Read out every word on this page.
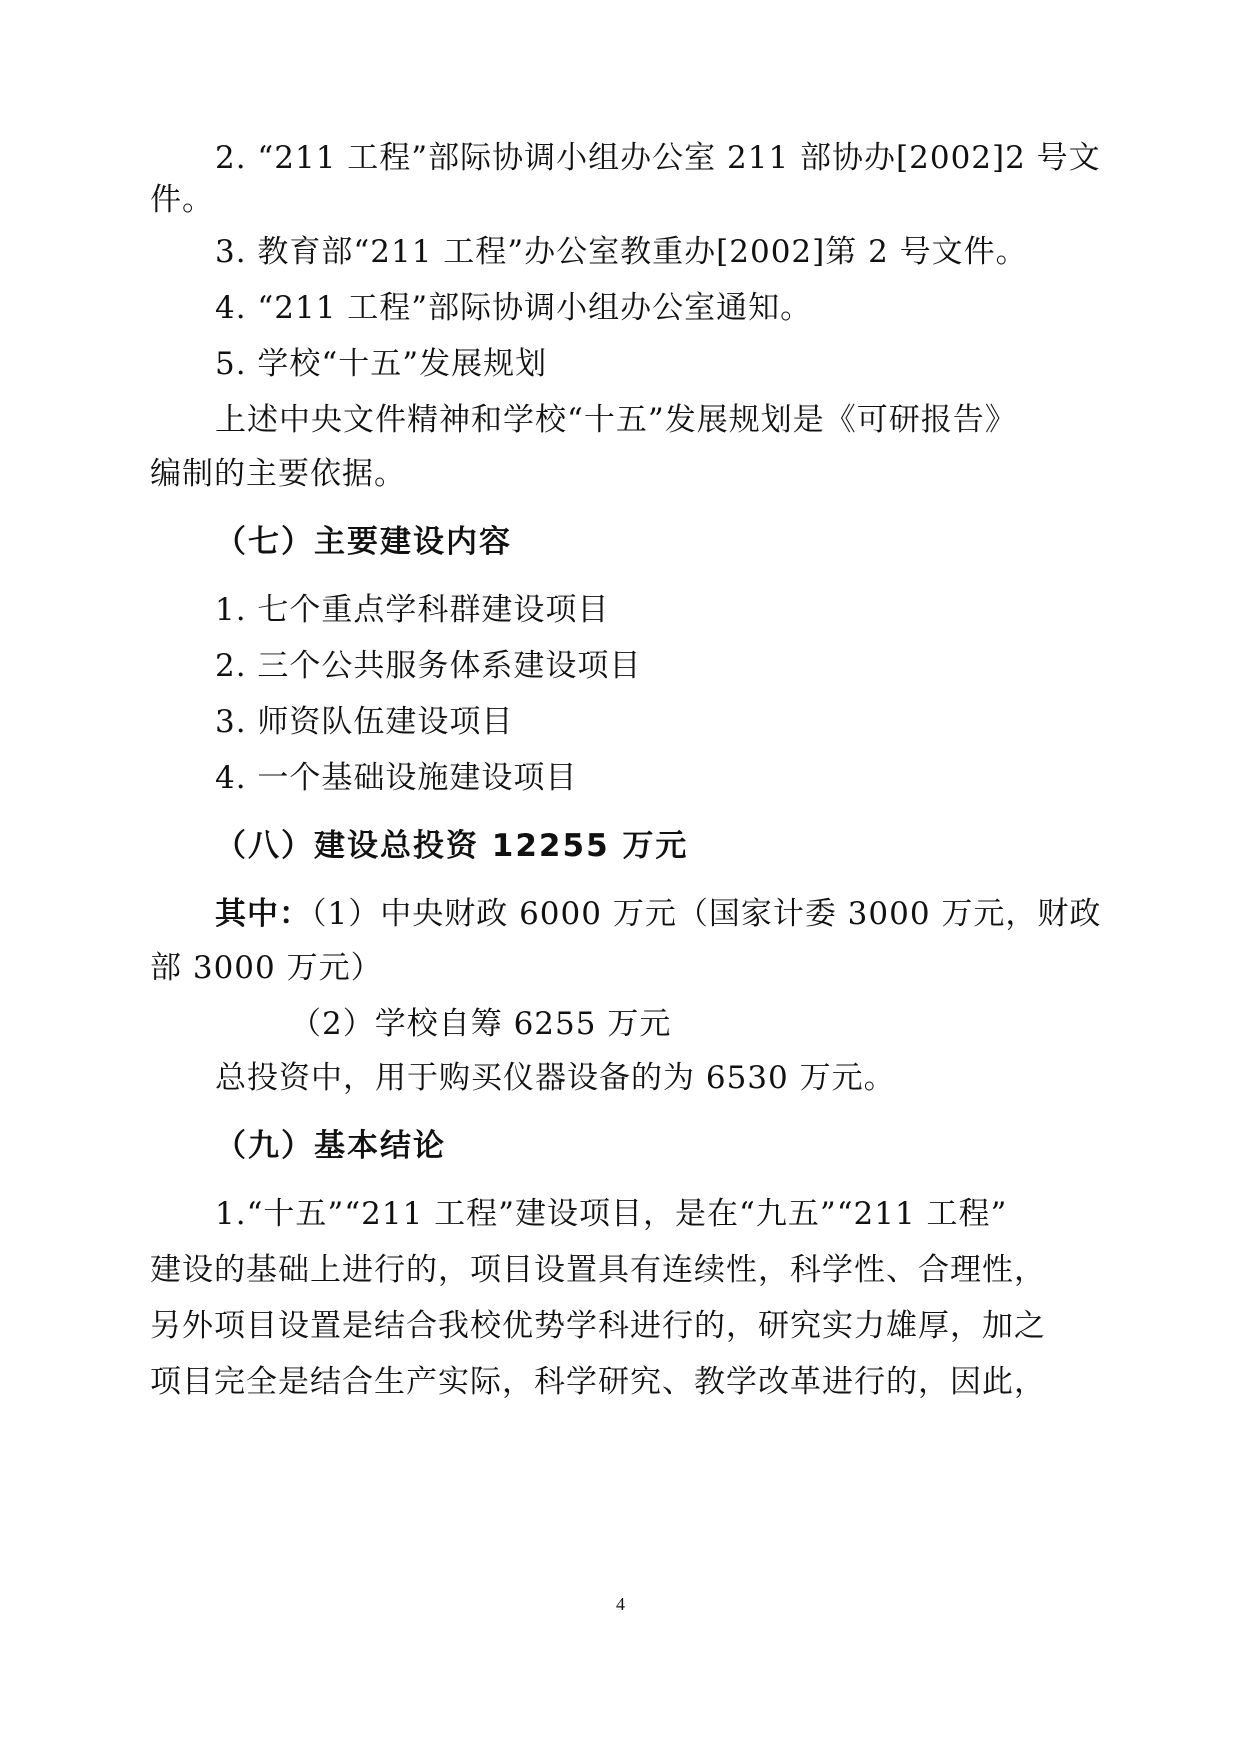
2. “211 工程”部际协调小组办公室 211 部协办[2002]2 号文
件。
3. 教育部“211 工程”办公室教重办[2002]第 2 号文件。
4. “211 工程”部际协调小组办公室通知。
5. 学校“十五”发展规划
上述中央文件精神和学校“十五”发展规划是《可研报告》
编制的主要依据。
（七）主要建设内容
1. 七个重点学科群建设项目
2. 三个公共服务体系建设项目
3. 师资队伍建设项目
4. 一个基础设施建设项目
（八）建设总投资 12255 万元
其中：（1）中央财政 6000 万元（国家计委 3000 万元，财政
部 3000 万元）
（2）学校自筹 6255 万元
总投资中，用于购买仪器设备的为 6530 万元。
（九）基本结论
1.“十五”“211 工程”建设项目，是在“九五”“211 工程”
建设的基础上进行的，项目设置具有连续性，科学性、合理性，
另外项目设置是结合我校优势学科进行的，研究实力雄厚，加之
项目完全是结合生产实际，科学研究、教学改革进行的，因此，
4
